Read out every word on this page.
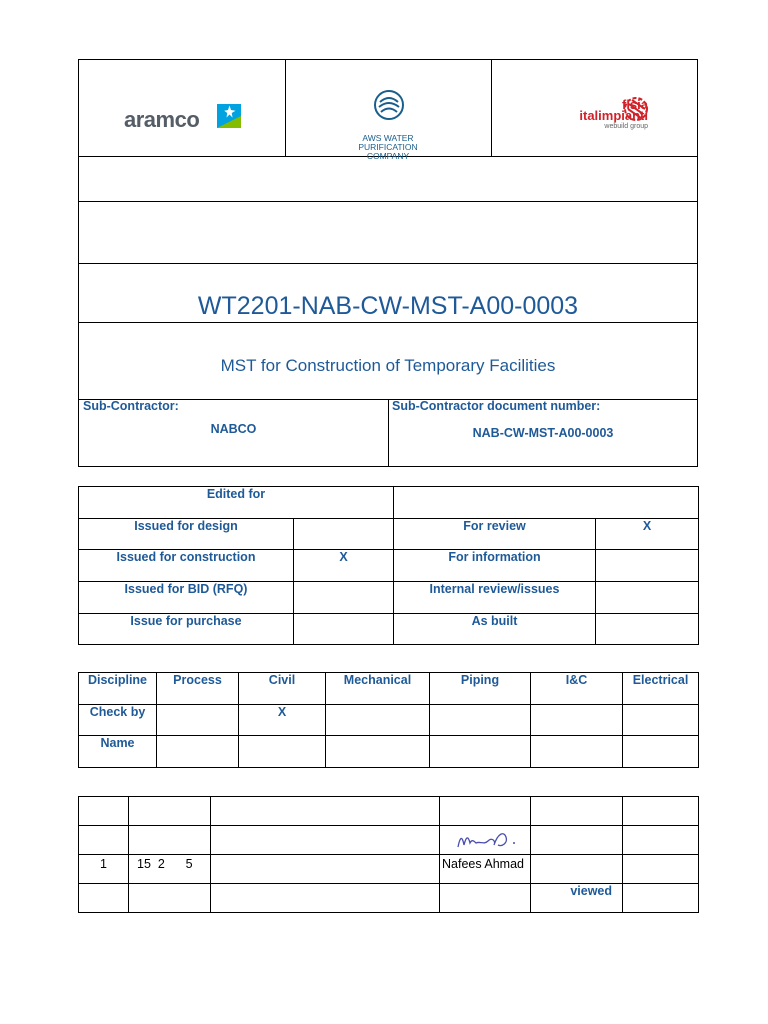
aramco
AWS WATER
PURIFICATION
COMPANY
fisia
italimpianti
webuild group
WT2201-NAB-CW-MST-A00-0003
MST for Construction of Temporary Facilities
Sub-Contractor:
NABCO
Sub-Contractor document number:
NAB-CW-MST-A00-0003
Edited for			
Issued for design		For review	X
Issued for construction	X	For information	
Issued for BID (RFQ)		Internal review/issues	
Issue for purchase		As built	
Discipline	Process	Civil	Mechanical	Piping	I&C	Electrical
Check by		X				
Name						

1	15 2 5		Nafees Ahmad		
				viewed	
